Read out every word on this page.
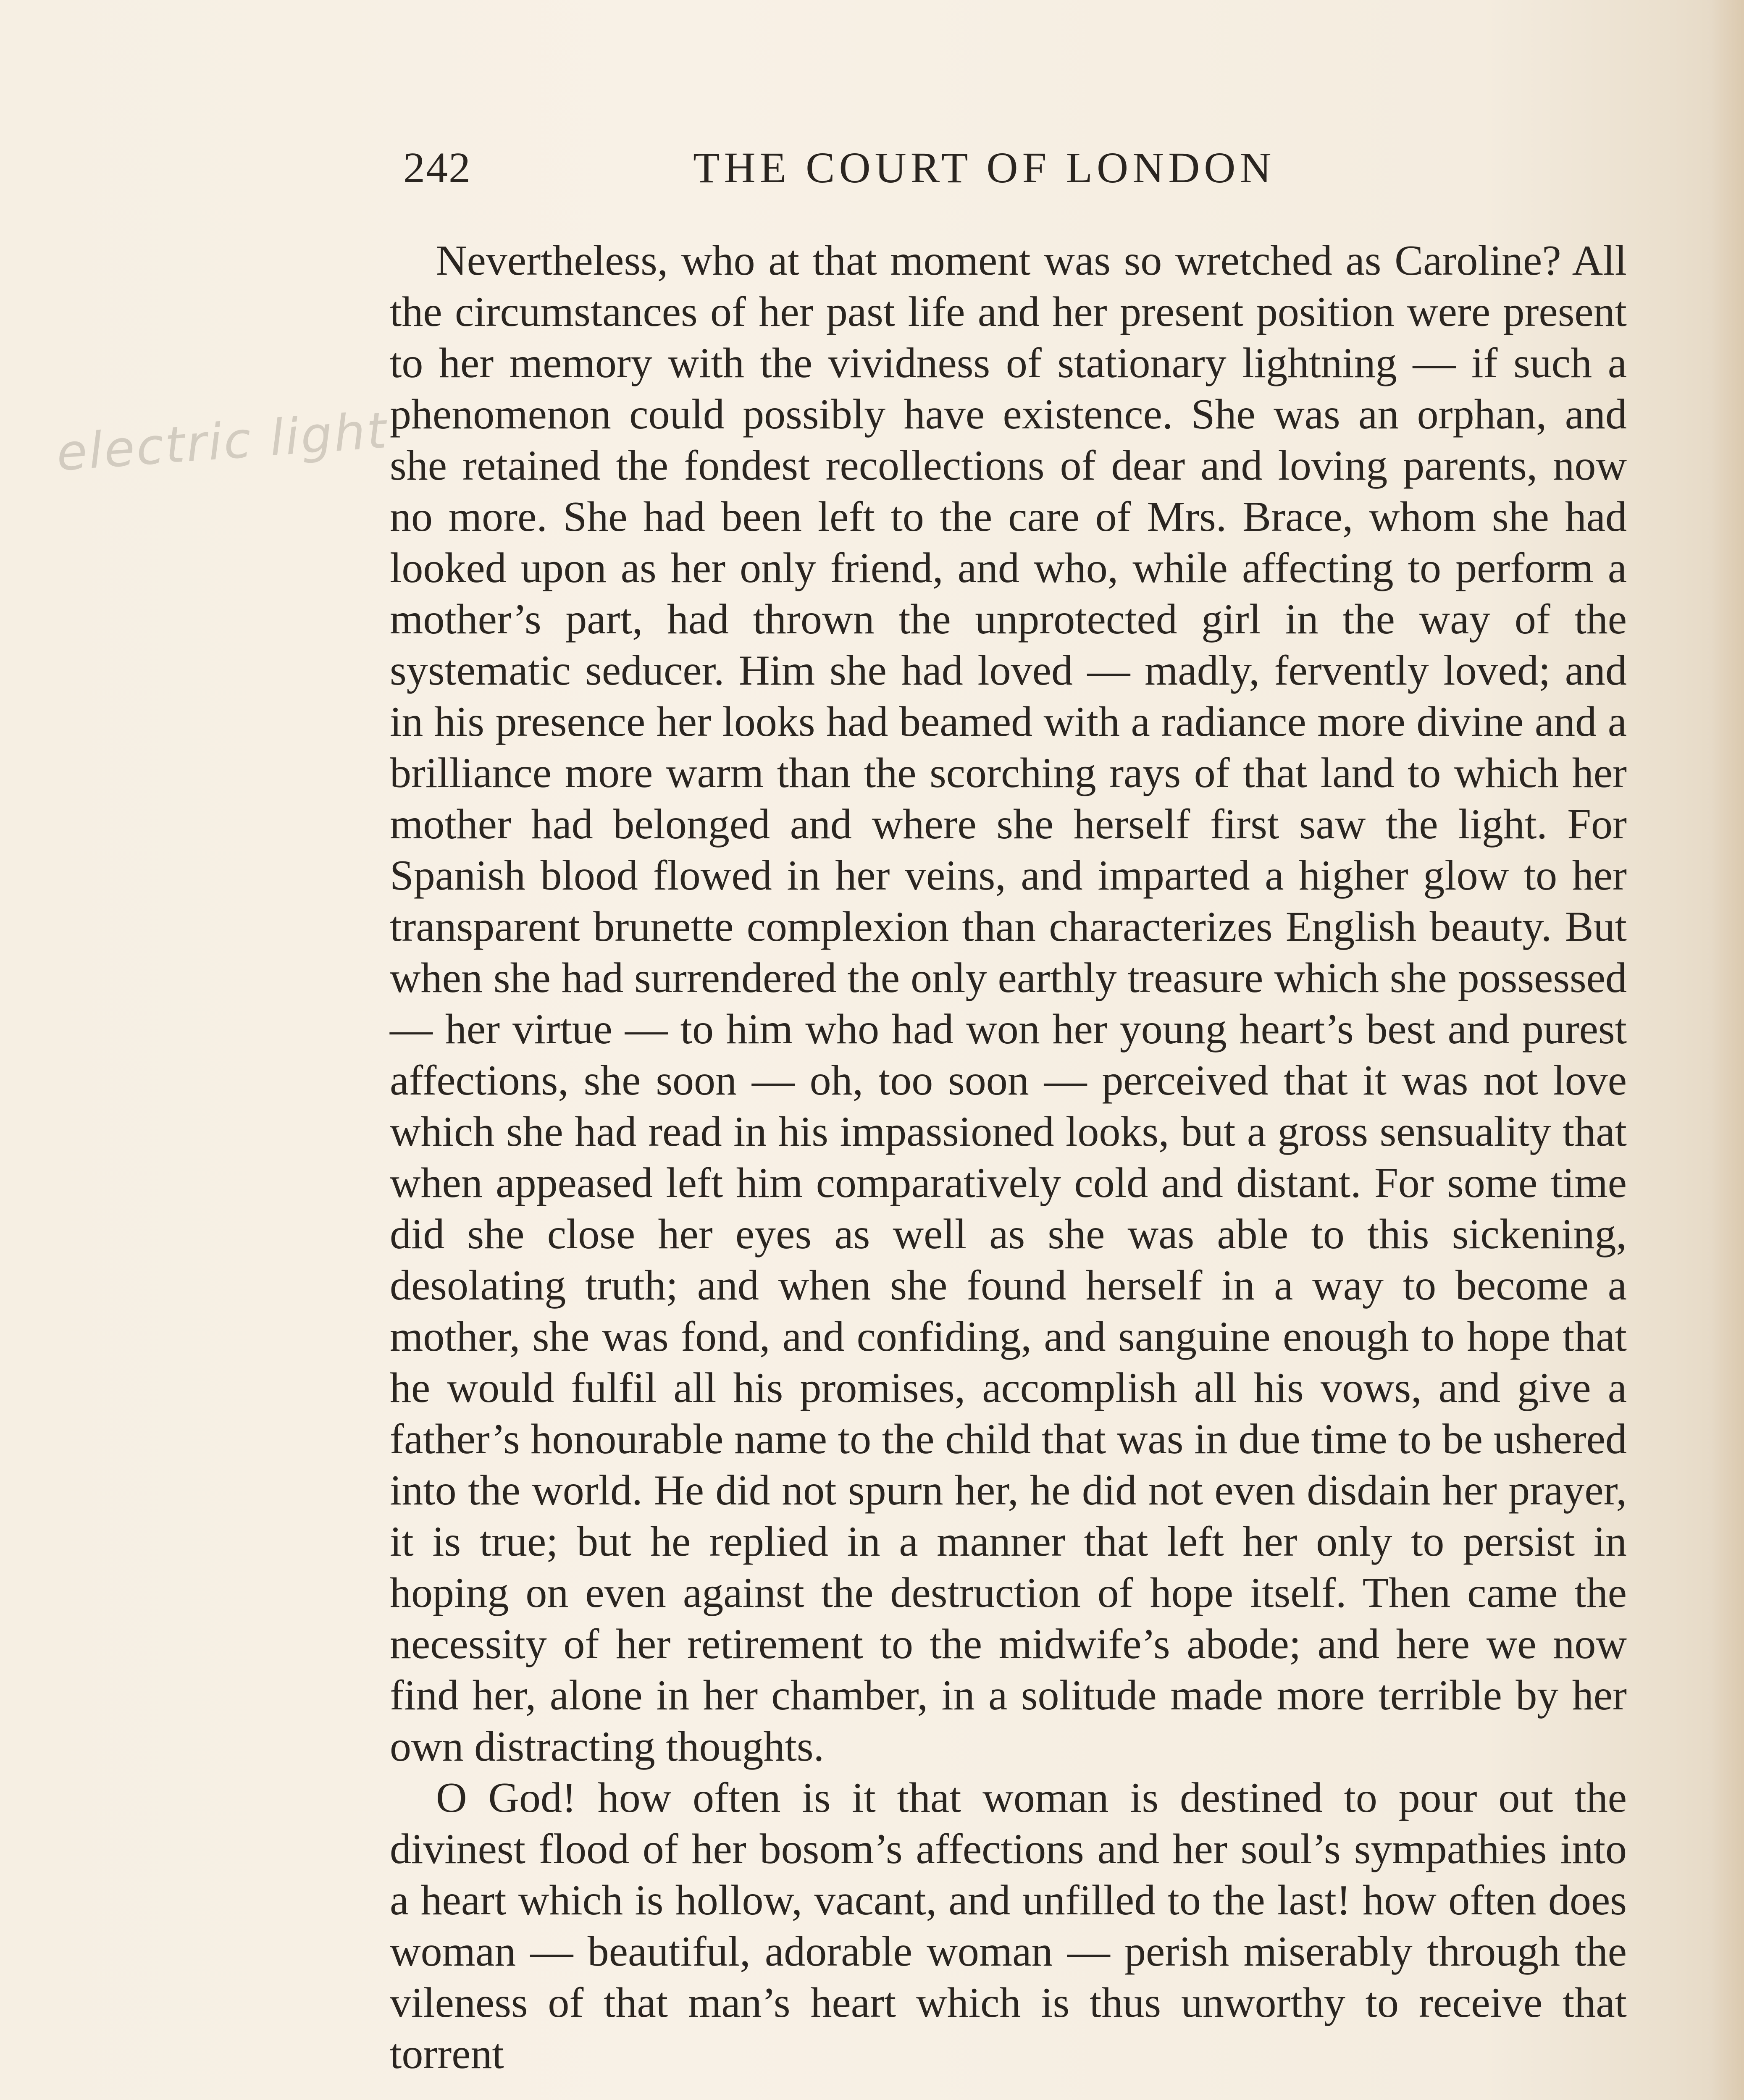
242	THE COURT OF LONDON
electric light

Nevertheless, who at that moment was so wretched as Caroline? All the circumstances of her past life and her present position were present to her memory with the vividness of stationary lightning — if such a phenomenon could possibly have existence. She was an orphan, and she retained the fondest recollections of dear and loving parents, now no more. She had been left to the care of Mrs. Brace, whom she had looked upon as her only friend, and who, while affecting to perform a mother’s part, had thrown the unprotected girl in the way of the systematic seducer. Him she had loved — madly, fervently loved; and in his presence her looks had beamed with a radiance more divine and a brilliance more warm than the scorching rays of that land to which her mother had belonged and where she herself first saw the light. For Spanish blood flowed in her veins, and imparted a higher glow to her transparent brunette complexion than characterizes English beauty. But when she had surrendered the only earthly treasure which she possessed — her virtue — to him who had won her young heart’s best and purest affections, she soon — oh, too soon — perceived that it was not love which she had read in his impassioned looks, but a gross sensuality that when appeased left him comparatively cold and distant. For some time did she close her eyes as well as she was able to this sickening, desolating truth; and when she found herself in a way to become a mother, she was fond, and confiding, and sanguine enough to hope that he would fulfil all his promises, accomplish all his vows, and give a father’s honourable name to the child that was in due time to be ushered into the world. He did not spurn her, he did not even disdain her prayer, it is true; but he replied in a manner that left her only to persist in hoping on even against the destruction of hope itself. Then came the necessity of her retirement to the midwife’s abode; and here we now find her, alone in her chamber, in a solitude made more terrible by her own distracting thoughts.

O God! how often is it that woman is destined to pour out the divinest flood of her bosom’s affections and her soul’s sympathies into a heart which is hollow, vacant, and unfilled to the last! how often does woman — beautiful, adorable woman — perish miserably through the vileness of that man’s heart which is thus unworthy to receive that torrent
